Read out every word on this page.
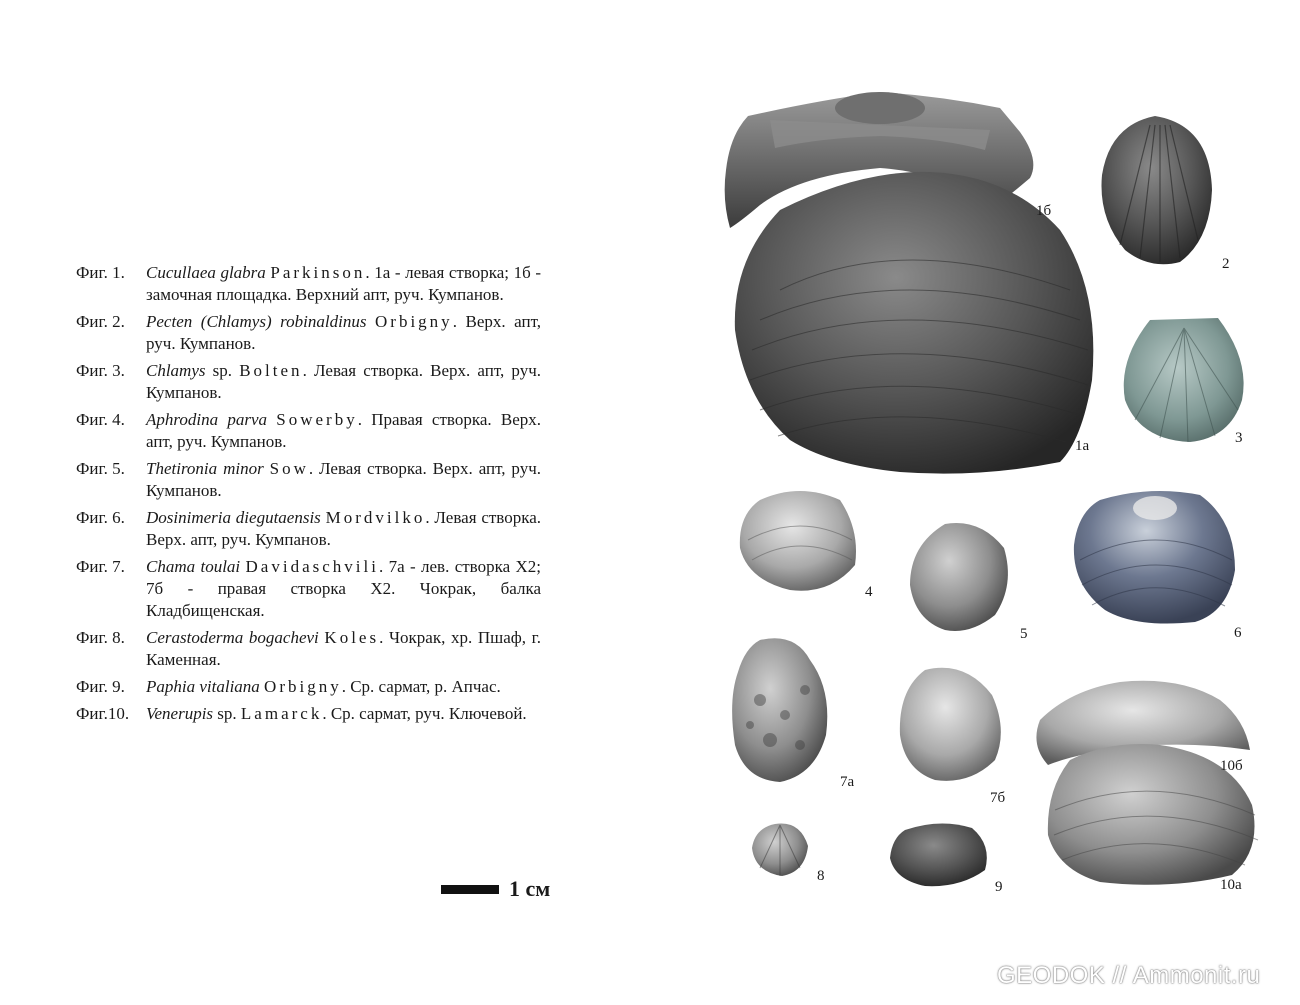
Фиг. 1.	Cucullaea glabra Parkinson. 1а - левая створка; 1б - замочная площадка. Верхний апт, руч. Кумпанов.
Фиг. 2.	Pecten (Chlamys) robinaldinus Orbigny. Верх. апт, руч. Кумпанов.
Фиг. 3.	Chlamys sp. Bolten. Левая створка. Верх. апт, руч. Кумпанов.
Фиг. 4.	Aphrodina parva Sowerby. Правая створка. Верх. апт, руч. Кумпанов.
Фиг. 5.	Thetironia minor Sow. Левая створка. Верх. апт, руч. Кумпанов.
Фиг. 6.	Dosinimeria diegutaensis Mordvilko. Левая створка. Верх. апт, руч. Кумпанов.
Фиг. 7.	Chama toulai Davidaschvili. 7а - лев. створка X2; 7б - правая створка X2. Чокрак, балка Кладбищенская.
Фиг. 8.	Cerastoderma bogachevi Koles. Чокрак, хр. Пшаф, г. Каменная.
Фиг. 9.	Paphia vitaliana Orbigny. Ср. сармат, р. Апчас.
Фиг.10. Venerupis sp. Lamarck. Ср. сармат, руч. Ключевой.
1 см
1б
1а
2
3
4
5	6
7а
7б
8
9	10а
10б
GEODOK // Ammonit.ru
